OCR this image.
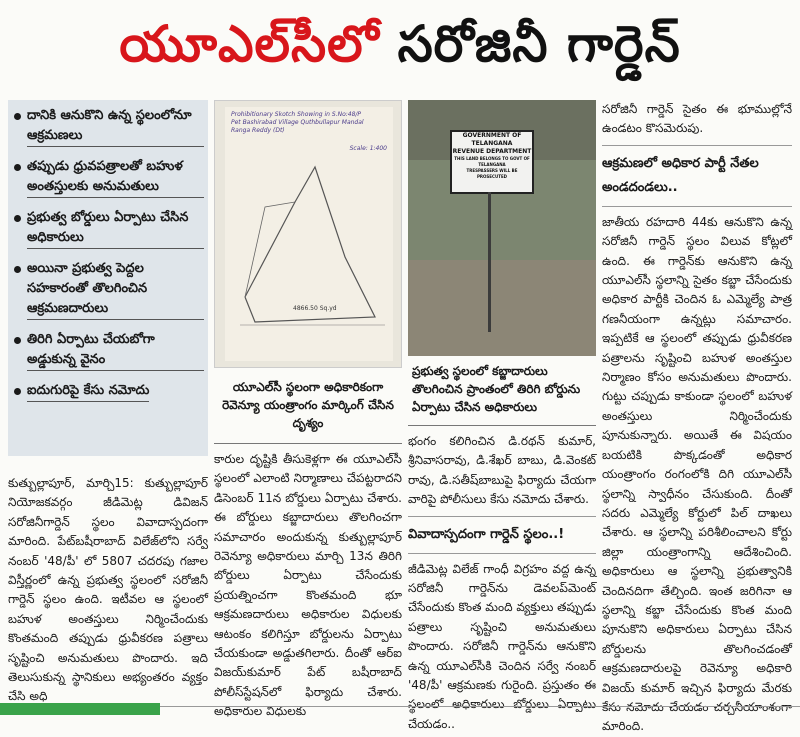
యూఎల్‌సీలో సరోజినీ గార్డెన్‌
దానికి ఆనుకొని ఉన్న స్థలంలోనూ ఆక్రమణలు
తప్పుడు ధ్రువపత్రాలతో బహుళ అంతస్తులకు అనుమతులు
ప్రభుత్వ బోర్డులు ఏర్పాటు చేసిన అధికారులు
అయినా ప్రభుత్వ పెద్దల సహకారంతో తొలగించిన ఆక్రమణదారులు
తిరిగి ఏర్పాటు చేయబోగా అడ్డుకున్న వైనం
ఐదుగురిపై కేసు నమోదు
కుత్బుల్లాపూర్‌, మార్చి15: కుత్బుల్లాపూర్‌ నియోజకవర్గం జీడిమెట్ల డివిజన్‌ సరోజినీగార్డెన్‌ స్థలం వివాదాస్పదంగా మారింది. పేట్‌బషీరాబాద్‌ విలేజ్‌లోని సర్వే నంబర్‌ '48/పీ' లో 5807 చదరపు గజాల విస్తీర్ణంలో ఉన్న ప్రభుత్వ స్థలంలో సరోజినీ గార్డెన్‌ స్థలం ఉంది. ఇటీవల ఆ స్థలంలో బహుళ అంతస్తులు నిర్మించేందుకు కొంతమంది తప్పుడు ధ్రువీకరణ పత్రాలు సృష్టించి అనుమతులు పొందారు. ఇది తెలుసుకున్న స్థానికులు అభ్యంతరం వ్యక్తం చేసి అధి
Prohibitionary Skotch Showing in S.No:48/P
Pet Bashirabad Village Quthbullapur Mandal
Ranga Reddy (Dt)
Scale: 1:400
4866.50 Sq.yd
యూఎల్‌సీ స్థలంగా అధికారికంగా రెవెన్యూ యంత్రాంగం మార్కింగ్‌ చేసిన దృశ్యం
కారుల దృష్టికి తీసుకెళ్లగా ఈ యూఎల్‌సీ స్థలంలో ఎలాంటి నిర్మాణాలు చేపట్టరాదని డిసెంబర్‌ 11న బోర్డులు ఏర్పాటు చేశారు. ఈ బోర్డులు కబ్జాదారులు తొలగించగా సమాచారం అందుకున్న కుత్బుల్లాపూర్‌ రెవెన్యూ అధికారులు మార్చి 13న తిరిగి బోర్డులు ఏర్పాటు చేసేందుకు ప్రయత్నించగా కొంతమంది భూ ఆక్రమణదారులు అధికారుల విధులకు ఆటంకం కలిగిస్తూ బోర్డులను ఏర్పాటు చేయకుండా అడ్డుతగిలారు. దీంతో ఆర్‌ఐ విజయ్‌కుమార్‌ పేట్‌ బషీరాబాద్‌ పోలీస్‌స్టేషన్‌లో ఫిర్యాదు చేశారు. అధికారుల విధులకు
GOVERNMENT OF
TELANGANA
REVENUE DEPARTMENT
THIS LAND BELONGS TO GOVT OF TELANGANA
TRESPASSERS WILL BE PROSECUTED
ప్రభుత్వ స్థలంలో కబ్జాదారులు తొలగించిన ప్రాంతంలో తిరిగి బోర్డును ఏర్పాటు చేసిన అధికారులు
భంగం కలిగించిన డి.రథన్‌ కుమార్‌, శ్రీనివాసరావు, డి.శేఖర్‌ బాబు, డి.వెంకట్‌ రావు, డి.సతీష్‌బాబుపై ఫిర్యాదు చేయగా వారిపై పోలీసులు కేసు నమోదు చేశారు.
వివాదాస్పదంగా గార్డెన్‌ స్థలం..!
జీడిమెట్ల విలేజ్‌ గాంధీ విగ్రహం వద్ద ఉన్న సరోజినీ గార్డెన్‌ను డెవలప్‌మెంట్‌ చేసేందుకు కొంత మంది వ్యక్తులు తప్పుడు పత్రాలు సృష్టించి అనుమతులు పొందారు. సరోజినీ గార్డెన్‌ను ఆనుకొని ఉన్న యూఎల్‌సీకి చెందిన సర్వే నంబర్‌ '48/పీ' ఆక్రమణకు గురైంది. ప్రస్తుతం ఈ స్థలంలో అధికారులు బోర్డులు ఏర్పాటు చేయడం..
సరోజినీ గార్డెన్‌ సైతం ఈ భూముల్లోనే ఉండటం కొసమెరుపు.
ఆక్రమణలో అధికార పార్టీ నేతల అండదండలు..
జాతీయ రహదారి 44కు ఆనుకొని ఉన్న సరోజినీ గార్డెన్‌ స్థలం విలువ కోట్లలో ఉంది. ఈ గార్డెన్‌కు ఆనుకొని ఉన్న యూఎల్‌సీ స్థలాన్ని సైతం కబ్జా చేసేందుకు అధికార పార్టీకి చెందిన ఓ ఎమ్మెల్యే పాత్ర గణనీయంగా ఉన్నట్లు సమాచారం. ఇప్పటికే ఆ స్థలంలో తప్పుడు ధ్రువీకరణ పత్రాలను సృష్టించి బహుళ అంతస్తుల నిర్మాణం కోసం అనుమతులు పొందారు. గుట్టు చప్పుడు కాకుండా స్థలంలో బహుళ అంతస్తులు నిర్మించేందుకు పూనుకున్నారు. అయితే ఈ విషయం బయటికి పొక్కడంతో అధికార యంత్రాంగం రంగంలోకి దిగి యూఎల్‌సీ స్థలాన్ని స్వాధీనం చేసుకుంది. దీంతో సదరు ఎమ్మెల్యే కోర్టులో పిల్‌ దాఖలు చేశారు. ఆ స్థలాన్ని పరిశీలించాలని కోర్టు జిల్లా యంత్రాంగాన్ని ఆదేశించింది. అధికారులు ఆ స్థలాన్ని ప్రభుత్వానికి చెందినదిగా తేల్చింది. ఇంత జరిగినా ఆ స్థలాన్ని కబ్జా చేసేందుకు కొంత మంది పూనుకొని అధికారులు ఏర్పాటు చేసిన బోర్డులను తొలగించడంతో ఆక్రమణదారులపై రెవెన్యూ అధికారి విజయ్‌ కుమార్‌ ఇచ్చిన ఫిర్యాదు మేరకు కేసు నమోదు చేయడం చర్చనీయాంశంగా మారింది.
